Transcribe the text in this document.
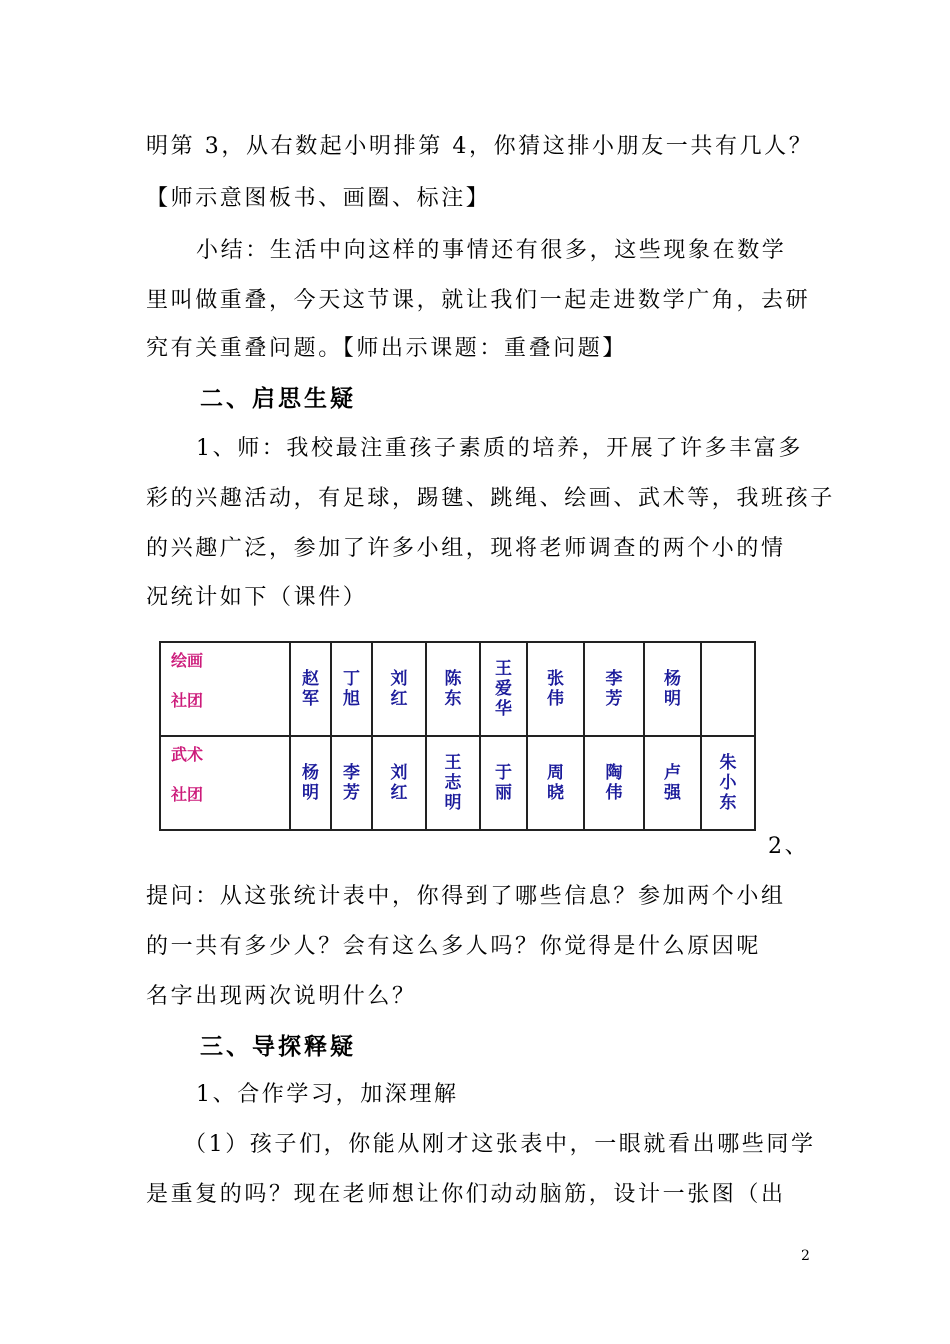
明第 3，从右数起小明排第 4，你猜这排小朋友一共有几人？
【师示意图板书、画圈、标注】
小结：生活中向这样的事情还有很多，这些现象在数学
里叫做重叠，今天这节课，就让我们一起走进数学广角，去研
究有关重叠问题。【师出示课题：重叠问题】
二、启思生疑
1、师：我校最注重孩子素质的培养，开展了许多丰富多
彩的兴趣活动，有足球，踢毽、跳绳、绘画、武术等，我班孩子
的兴趣广泛，参加了许多小组，现将老师调查的两个小的情
况统计如下（课件）
绘画
社团	赵军	丁旭	刘红	陈东	王爱华	张伟	李芳	杨明	

武术
社团	杨明	李芳	刘红	王志明	于丽	周晓	陶伟	卢强	朱小东
2、
提问：从这张统计表中，你得到了哪些信息？参加两个小组
的一共有多少人？会有这么多人吗？你觉得是什么原因呢
名字出现两次说明什么？
三、导探释疑
1、合作学习，加深理解
（1）孩子们，你能从刚才这张表中，一眼就看出哪些同学
是重复的吗？现在老师想让你们动动脑筋，设计一张图（出
2
